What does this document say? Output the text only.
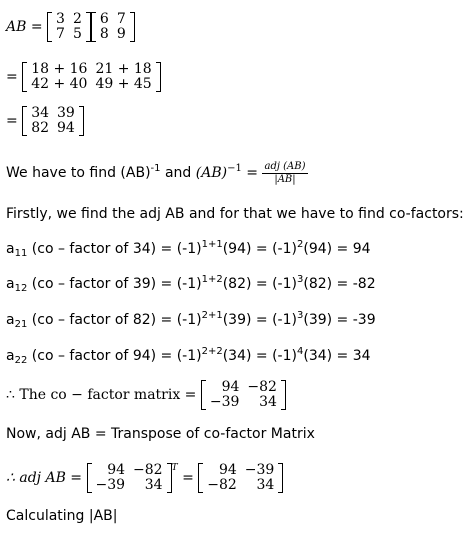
AB = 3	2
7	5
6	7
8	9
= 18 + 16	21 + 18
42 + 40	49 + 45
= 34	39
82	94
We have to find (AB)$^{-1}$ and $(AB)^{-1} = \frac{\text{adj (AB)}}{|AB|}$
Firstly, we find the adj AB and for that we have to find co-factors:
$a_{11}$ (co – factor of $34) = (-1)^{1+1}(94) = (-1)^2(94) = 94$
$a_{12}$ (co – factor of $39) = (-1)^{1+2}(82) = (-1)^3(82) = -82$
$a_{21}$ (co – factor of $82) = (-1)^{2+1}(39) = (-1)^3(39) = -39$
$a_{22}$ (co – factor of $94) = (-1)^{2+2}(34) = (-1)^4(34) = 34$
∴ The co − factor matrix = 94	−82
−39	34
Now, adj AB = Transpose of co-factor Matrix
∴ adj AB = 94	−82
−39	34
$^T$ = 94	−39
−82	34
Calculating |AB|
